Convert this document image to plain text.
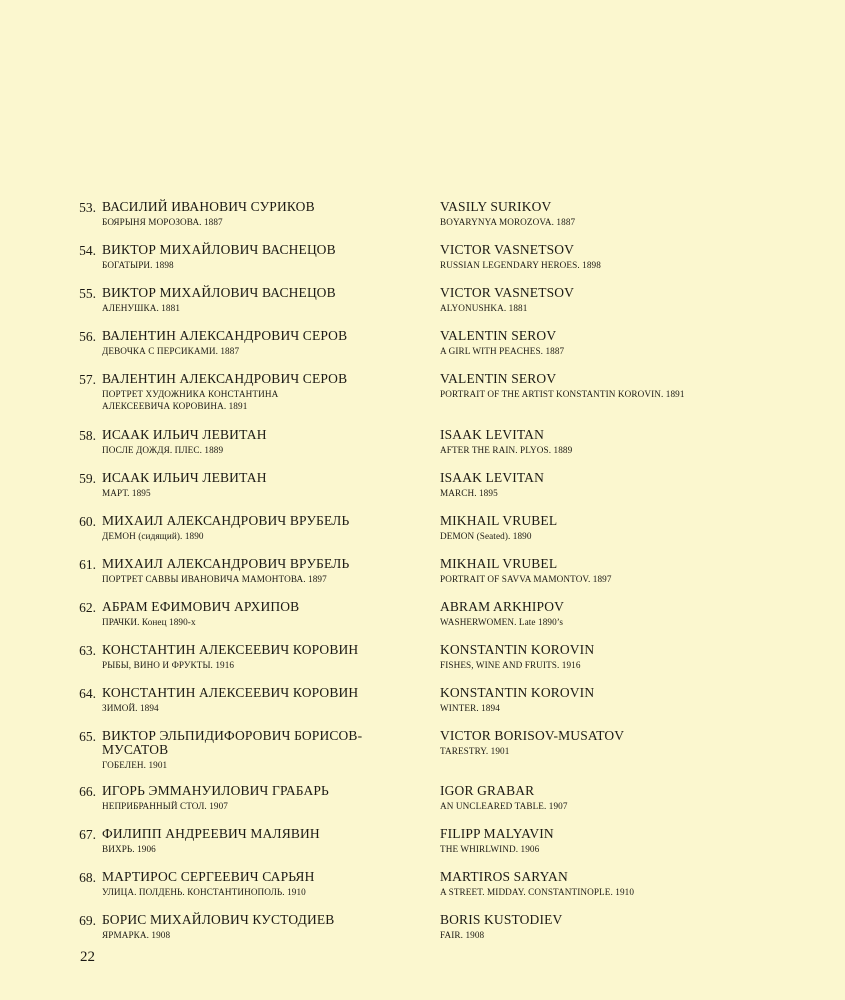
53. ВАСИЛИЙ ИВАНОВИЧ СУРИКОВ
БОЯРЫНЯ МОРОЗОВА. 1887
VASILY SURIKOV
BOYARYNYA MOROZOVA. 1887
54. ВИКТОР МИХАЙЛОВИЧ ВАСНЕЦОВ
БОГАТЫРИ. 1898
VICTOR VASNETSOV
RUSSIAN LEGENDARY HEROES. 1898
55. ВИКТОР МИХАЙЛОВИЧ ВАСНЕЦОВ
АЛЕНУШКА. 1881
VICTOR VASNETSOV
ALYONUSHKA. 1881
56. ВАЛЕНТИН АЛЕКСАНДРОВИЧ СЕРОВ
ДЕВОЧКА С ПЕРСИКАМИ. 1887
VALENTIN SEROV
A GIRL WITH PEACHES. 1887
57. ВАЛЕНТИН АЛЕКСАНДРОВИЧ СЕРОВ
ПОРТРЕТ ХУДОЖНИКА КОНСТАНТИНА
АЛЕКСЕЕВИЧА КОРОВИНА. 1891
VALENTIN SEROV
PORTRAIT OF THE ARTIST KONSTANTIN KOROVIN. 1891
58. ИСААК ИЛЬИЧ ЛЕВИТАН
ПОСЛЕ ДОЖДЯ. ПЛЕС. 1889
ISAAK LEVITAN
AFTER THE RAIN. PLYOS. 1889
59. ИСААК ИЛЬИЧ ЛЕВИТАН
МАРТ. 1895
ISAAK LEVITAN
MARCH. 1895
60. МИХАИЛ АЛЕКСАНДРОВИЧ ВРУБЕЛЬ
ДЕМОН (сидящий). 1890
MIKHAIL VRUBEL
DEMON (Seated). 1890
61. МИХАИЛ АЛЕКСАНДРОВИЧ ВРУБЕЛЬ
ПОРТРЕТ САВВЫ ИВАНОВИЧА МАМОНТОВА. 1897
MIKHAIL VRUBEL
PORTRAIT OF SAVVA MAMONTOV. 1897
62. АБРАМ ЕФИМОВИЧ АРХИПОВ
ПРАЧКИ. Конец 1890-х
ABRAM ARKHIPOV
WASHERWOMEN. Late 1890’s
63. КОНСТАНТИН АЛЕКСЕЕВИЧ КОРОВИН
РЫБЫ, ВИНО И ФРУКТЫ. 1916
KONSTANTIN KOROVIN
FISHES, WINE AND FRUITS. 1916
64. КОНСТАНТИН АЛЕКСЕЕВИЧ КОРОВИН
ЗИМОЙ. 1894
KONSTANTIN KOROVIN
WINTER. 1894
65. ВИКТОР ЭЛЬПИДИФОРОВИЧ БОРИСОВ-МУСАТОВ
ГОБЕЛЕН. 1901
VICTOR BORISOV-MUSATOV
TARESTRY. 1901
66. ИГОРЬ ЭММАНУИЛОВИЧ ГРАБАРЬ
НЕПРИБРАННЫЙ СТОЛ. 1907
IGOR GRABAR
AN UNCLEARED TABLE. 1907
67. ФИЛИПП АНДРЕЕВИЧ МАЛЯВИН
ВИХРЬ. 1906
FILIPP MALYAVIN
THE WHIRLWIND. 1906
68. МАРТИРОС СЕРГЕЕВИЧ САРЬЯН
УЛИЦА. ПОЛДЕНЬ. КОНСТАНТИНОПОЛЬ. 1910
MARTIROS SARYAN
A STREET. MIDDAY. CONSTANTINOPLE. 1910
69. БОРИС МИХАЙЛОВИЧ КУСТОДИЕВ
ЯРМАРКА. 1908
BORIS KUSTODIEV
FAIR. 1908
22
